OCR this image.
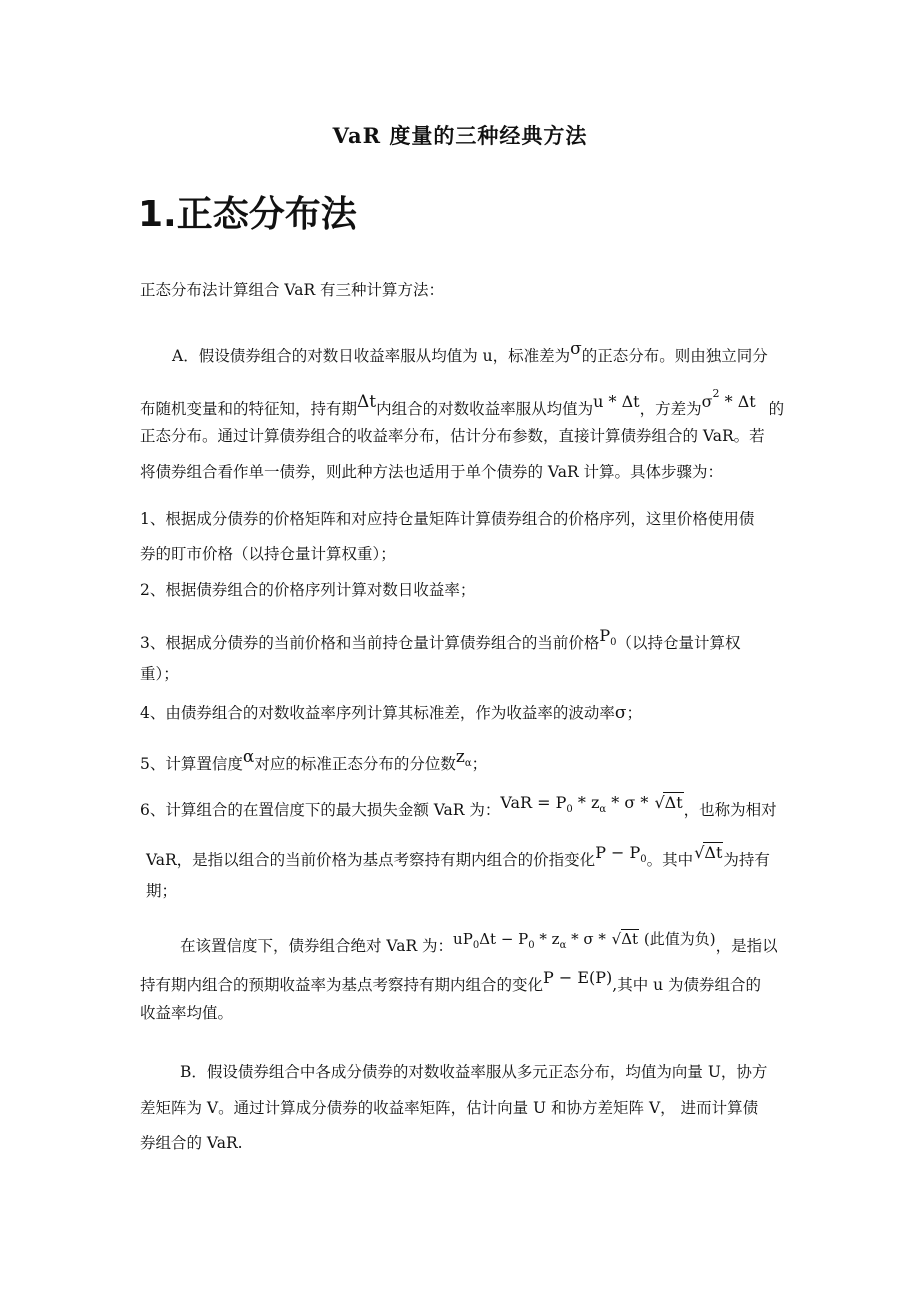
VaR 度量的三种经典方法
1.正态分布法
正态分布法计算组合 VaR 有三种计算方法：
A．假设债券组合的对数日收益率服从均值为 u，标准差为σ的正态分布。则由独立同分
布随机变量和的特征知，持有期Δt内组合的对数收益率服从均值为u * Δt，方差为$\sigma^2$ * Δt 的
正态分布。通过计算债券组合的收益率分布，估计分布参数，直接计算债券组合的 VaR。若
将债券组合看作单一债券，则此种方法也适用于单个债券的 VaR 计算。具体步骤为：
1、根据成分债券的价格矩阵和对应持仓量矩阵计算债券组合的价格序列，这里价格使用债
券的盯市价格（以持仓量计算权重）；
2、根据债券组合的价格序列计算对数日收益率；
3、根据成分债券的当前价格和当前持仓量计算债券组合的当前价格$P_0$（以持仓量计算权
重）；
4、由债券组合的对数收益率序列计算其标准差，作为收益率的波动率σ；
5、计算置信度α对应的标准正态分布的分位数$z_\alpha$；
6、计算组合的在置信度下的最大损失金额 VaR 为：VaR = $P_0 * z_\alpha$ * σ * √ Δt，也称为相对
VaR，是指以组合的当前价格为基点考察持有期内组合的价指变化$P - P_0$。其中√ Δt为持有
期；
在该置信度下，债券组合绝对 VaR 为：$uP_0\Delta t - P_0 * z_\alpha * \sigma$ * √ Δt (此值为负)，是指以
持有期内组合的预期收益率为基点考察持有期内组合的变化P − E(P),其中 u 为债券组合的
收益率均值。
B．假设债券组合中各成分债券的对数收益率服从多元正态分布，均值为向量 U，协方
差矩阵为 V。通过计算成分债券的收益率矩阵，估计向量 U 和协方差矩阵 V， 进而计算债
券组合的 VaR.
